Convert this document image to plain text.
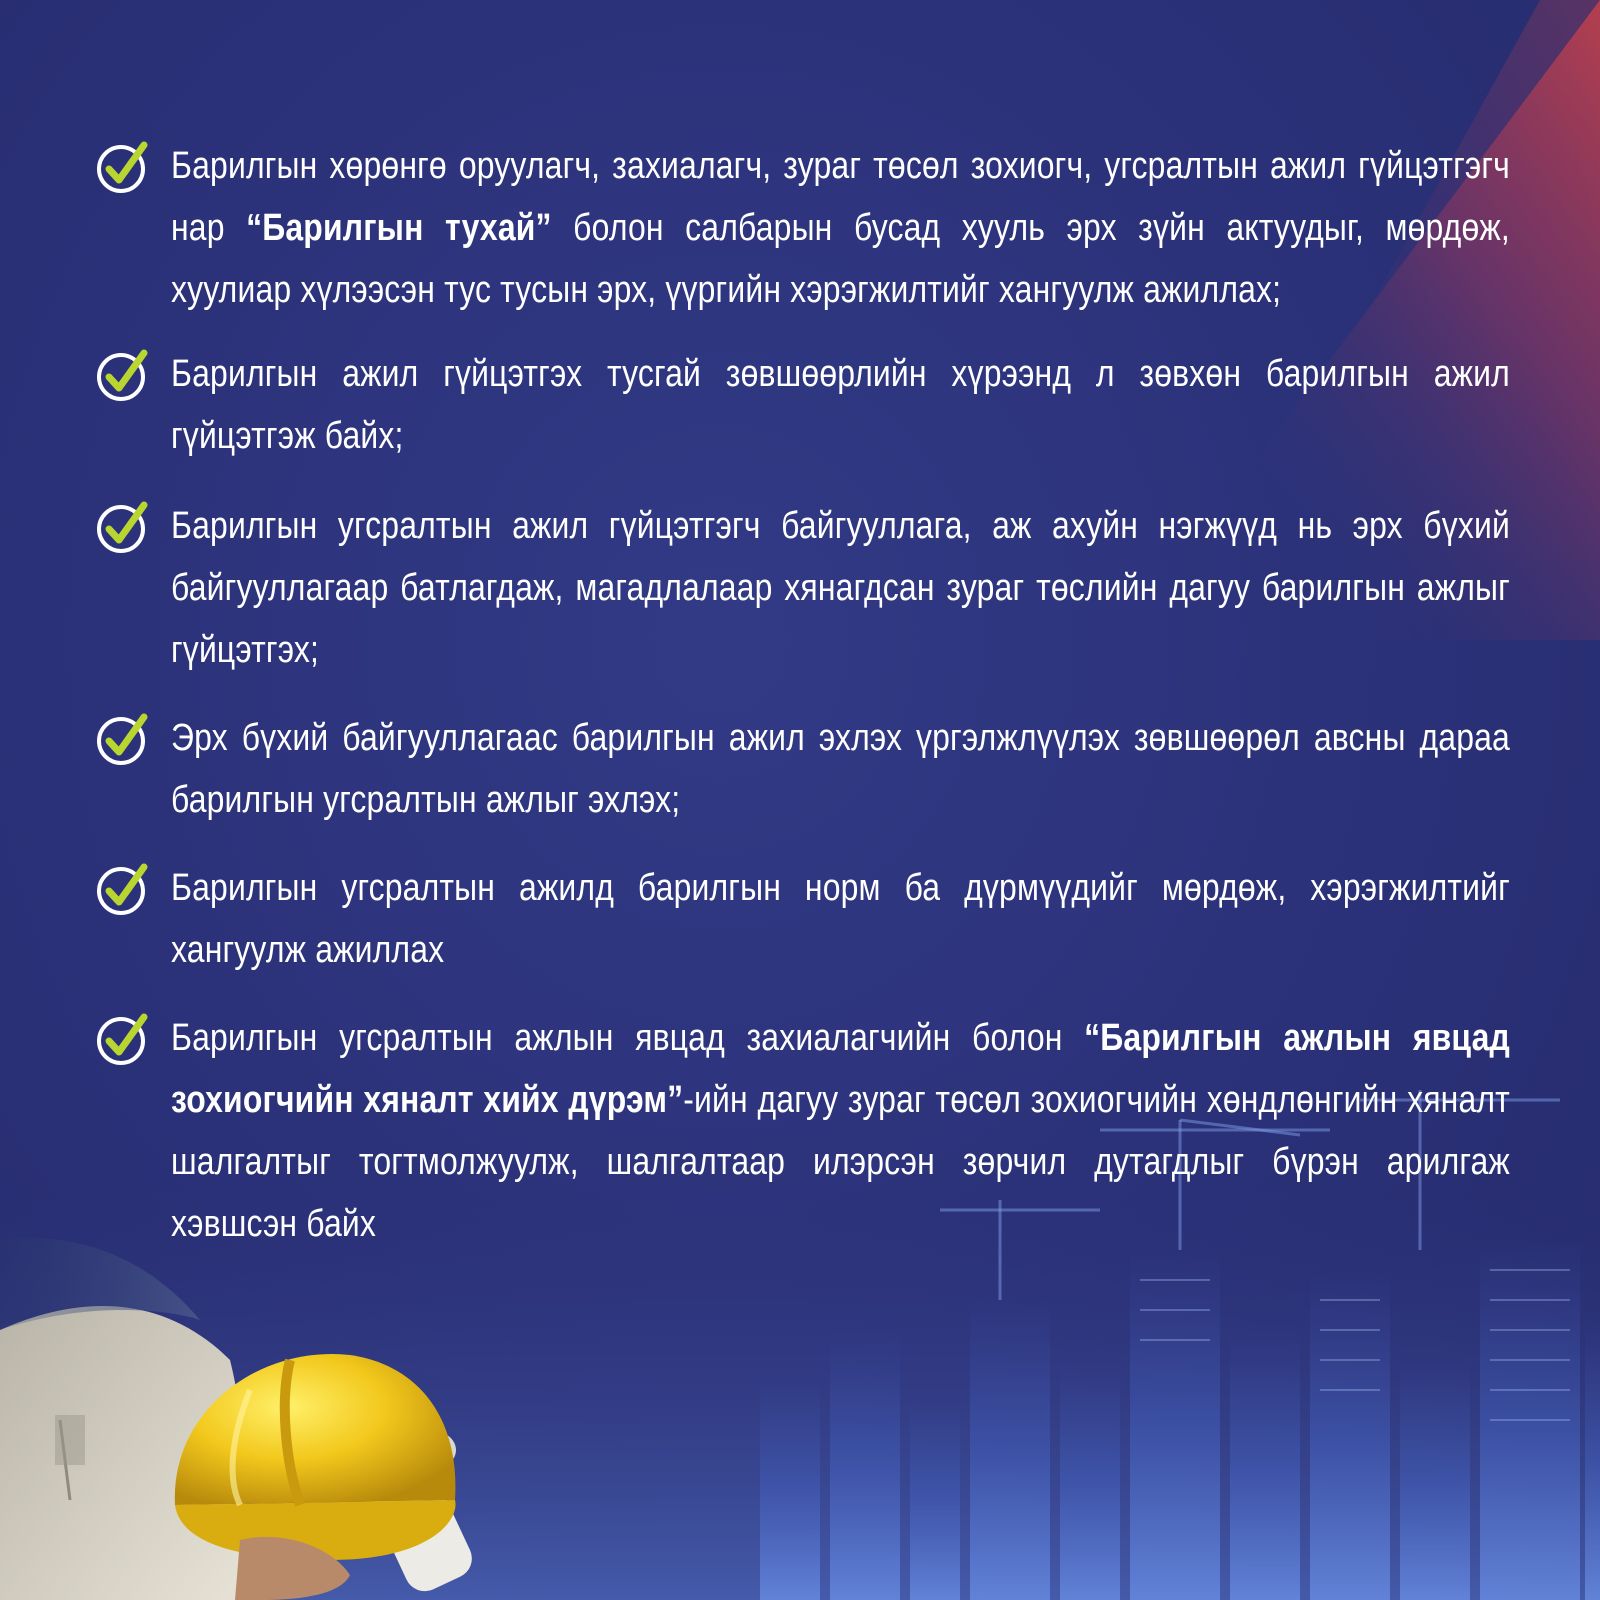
Барилгын хөрөнгө оруулагч, захиалагч, зураг төсөл зохиогч, угсралтын ажил гүйцэтгэгч нар “Барилгын тухай” болон салбарын бусад хууль эрх зүйн актуудыг, мөрдөж, хуулиар хүлээсэн тус тусын эрх, үүргийн хэрэгжилтийг хангуулж ажиллах;
Барилгын ажил гүйцэтгэх тусгай зөвшөөрлийн хүрээнд л зөвхөн барилгын ажил гүйцэтгэж байх;
Барилгын угсралтын ажил гүйцэтгэгч байгууллага, аж ахуйн нэгжүүд нь эрх бүхий байгууллагаар батлагдаж, магадлалаар хянагдсан зураг төслийн дагуу барилгын ажлыг гүйцэтгэх;
Эрх бүхий байгууллагаас барилгын ажил эхлэх үргэлжлүүлэх зөвшөөрөл авсны дараа барилгын угсралтын ажлыг эхлэх;
Барилгын угсралтын ажилд барилгын норм ба дүрмүүдийг мөрдөж, хэрэгжилтийг хангуулж ажиллах
Барилгын угсралтын ажлын явцад захиалагчийн болон “Барилгын ажлын явцад зохиогчийн хяналт хийх дүрэм”-ийн дагуу зураг төсөл зохиогчийн хөндлөнгийн хяналт шалгалтыг тогтмолжуулж, шалгалтаар илэрсэн зөрчил дутагдлыг бүрэн арилгаж хэвшсэн байх
